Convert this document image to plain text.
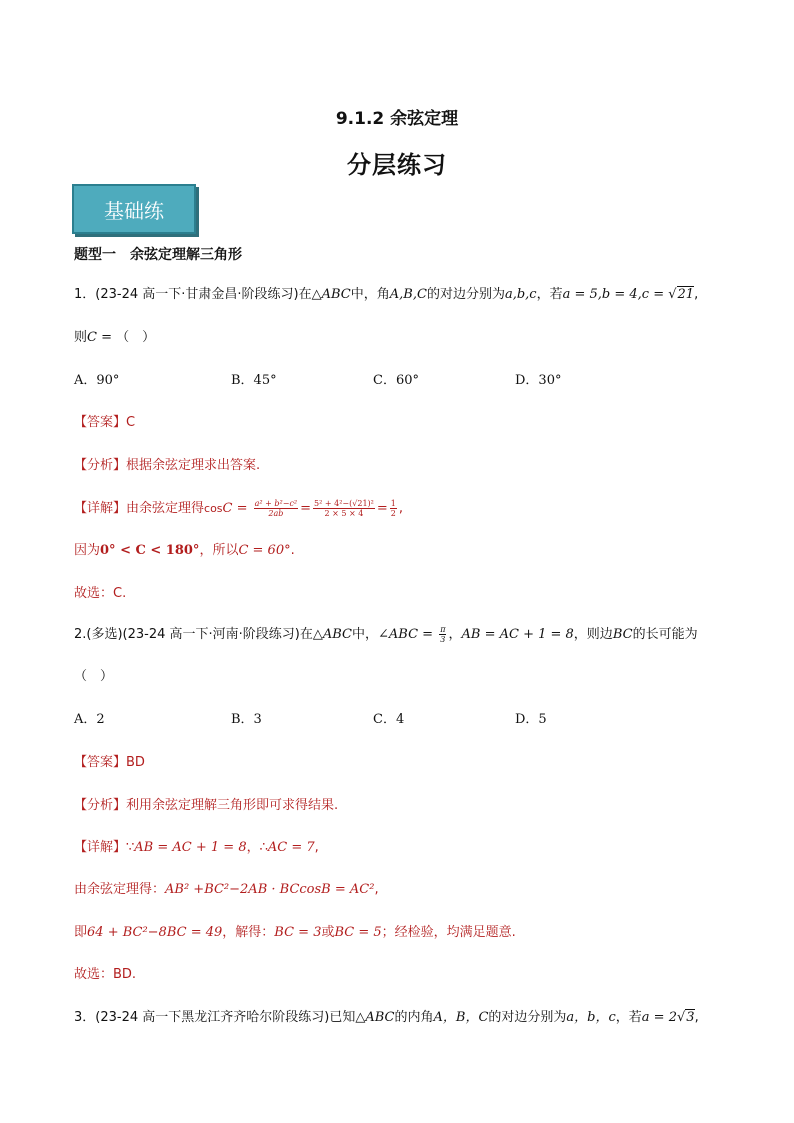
9.1.2 余弦定理
分层练习
基础练
题型一　余弦定理解三角形
1．(23-24 高一下·甘肃金昌·阶段练习)在△ABC中，角A,B,C的对边分别为a,b,c，若a = 5,b = 4,c = √21,
则C = （　）
A．90°	B．45°	C．60°	D．30°
【答案】C
【分析】根据余弦定理求出答案.
【详解】由余弦定理得$\cos C = \frac{\text{a² + b²−c²}}{2ab} = \frac{\text{5² + 4²−(√21)²}}{2 \times 5 \times 4} = \frac{1}{2}$ ,
因为0° < C < 180°，所以C = 60°.
故选：C.
2.(多选)(23-24 高一下·河南·阶段练习)在△ABC中，∠ABC = $\frac{\pi}{3}$ ，AB = AC + 1 = 8，则边BC的长可能为
（　）
A．2	B．3	C．4	D．5
【答案】BD
【分析】利用余弦定理解三角形即可求得结果.
【详解】∵AB = AC + 1 = 8，∴AC = 7,
由余弦定理得：AB² +BC²−2AB · BCcosB = AC²,
即64 + BC²−8BC = 49，解得：BC = 3或BC = 5；经检验，均满足题意.
故选：BD.
3．(23-24 高一下黑龙江齐齐哈尔阶段练习)已知△ABC的内角A，B，C的对边分别为a，b，c，若a = 2√3,
